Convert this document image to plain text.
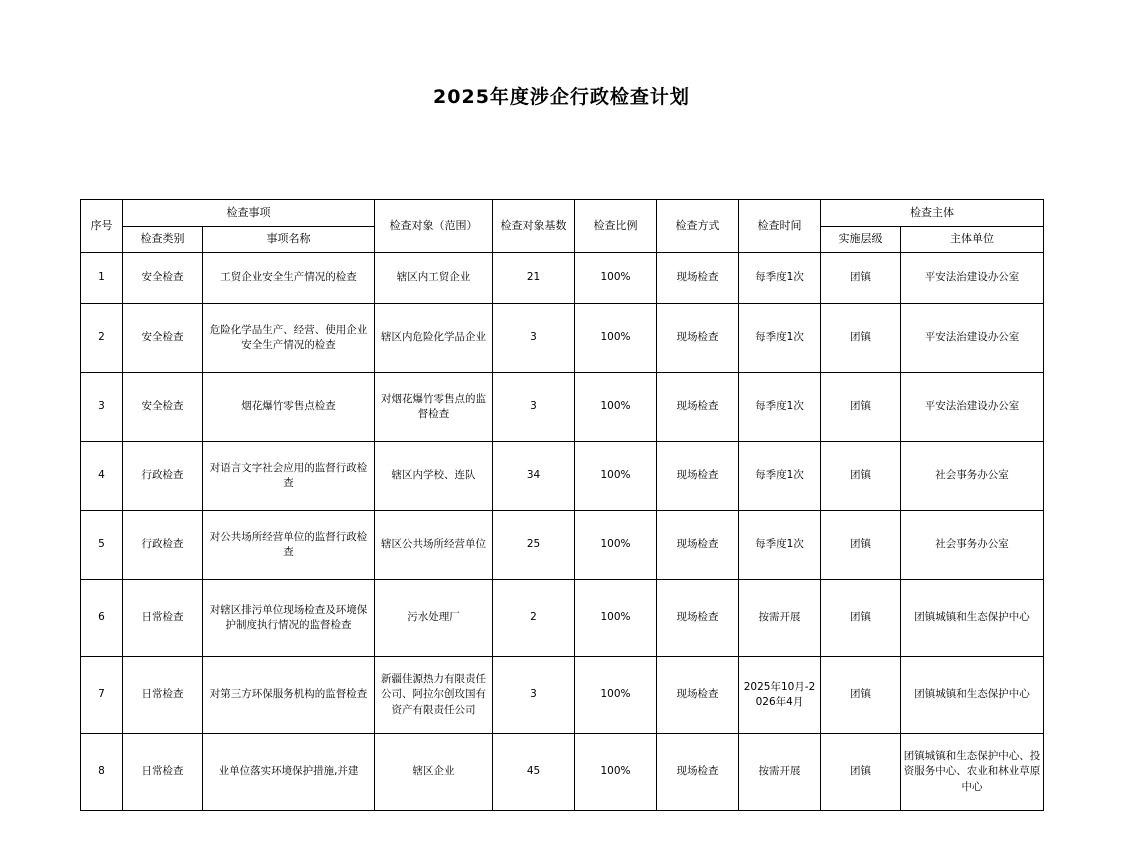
2025年度涉企行政检查计划
序号	检查事项		检查对象（范围）	检查对象基数	检查比例	检查方式	检查时间	检查主体	
	检查类别	事项名称						实施层级	主体单位
1	安全检查	工贸企业安全生产情况的检查	辖区内工贸企业	21	100%	现场检查	每季度1次	团镇	平安法治建设办公室
2	安全检查	危险化学品生产、经营、使用企业安全生产情况的检查	辖区内危险化学品企业	3	100%	现场检查	每季度1次	团镇	平安法治建设办公室
3	安全检查	烟花爆竹零售点检查	对烟花爆竹零售点的监督检查	3	100%	现场检查	每季度1次	团镇	平安法治建设办公室
4	行政检查	对语言文字社会应用的监督行政检查	辖区内学校、连队	34	100%	现场检查	每季度1次	团镇	社会事务办公室
5	行政检查	对公共场所经营单位的监督行政检查	辖区公共场所经营单位	25	100%	现场检查	每季度1次	团镇	社会事务办公室
6	日常检查	对辖区排污单位现场检查及环境保护制度执行情况的监督检查	污水处理厂	2	100%	现场检查	按需开展	团镇	团镇城镇和生态保护中心
7	日常检查	对第三方环保服务机构的监督检查	新疆佳源热力有限责任公司、阿拉尔创玫国有资产有限责任公司	3	100%	现场检查	2025年10月-2026年4月	团镇	团镇城镇和生态保护中心
8	日常检查	业单位落实环境保护措施,并建	辖区企业	45	100%	现场检查	按需开展	团镇	团镇城镇和生态保护中心、投资服务中心、农业和林业草原中心
